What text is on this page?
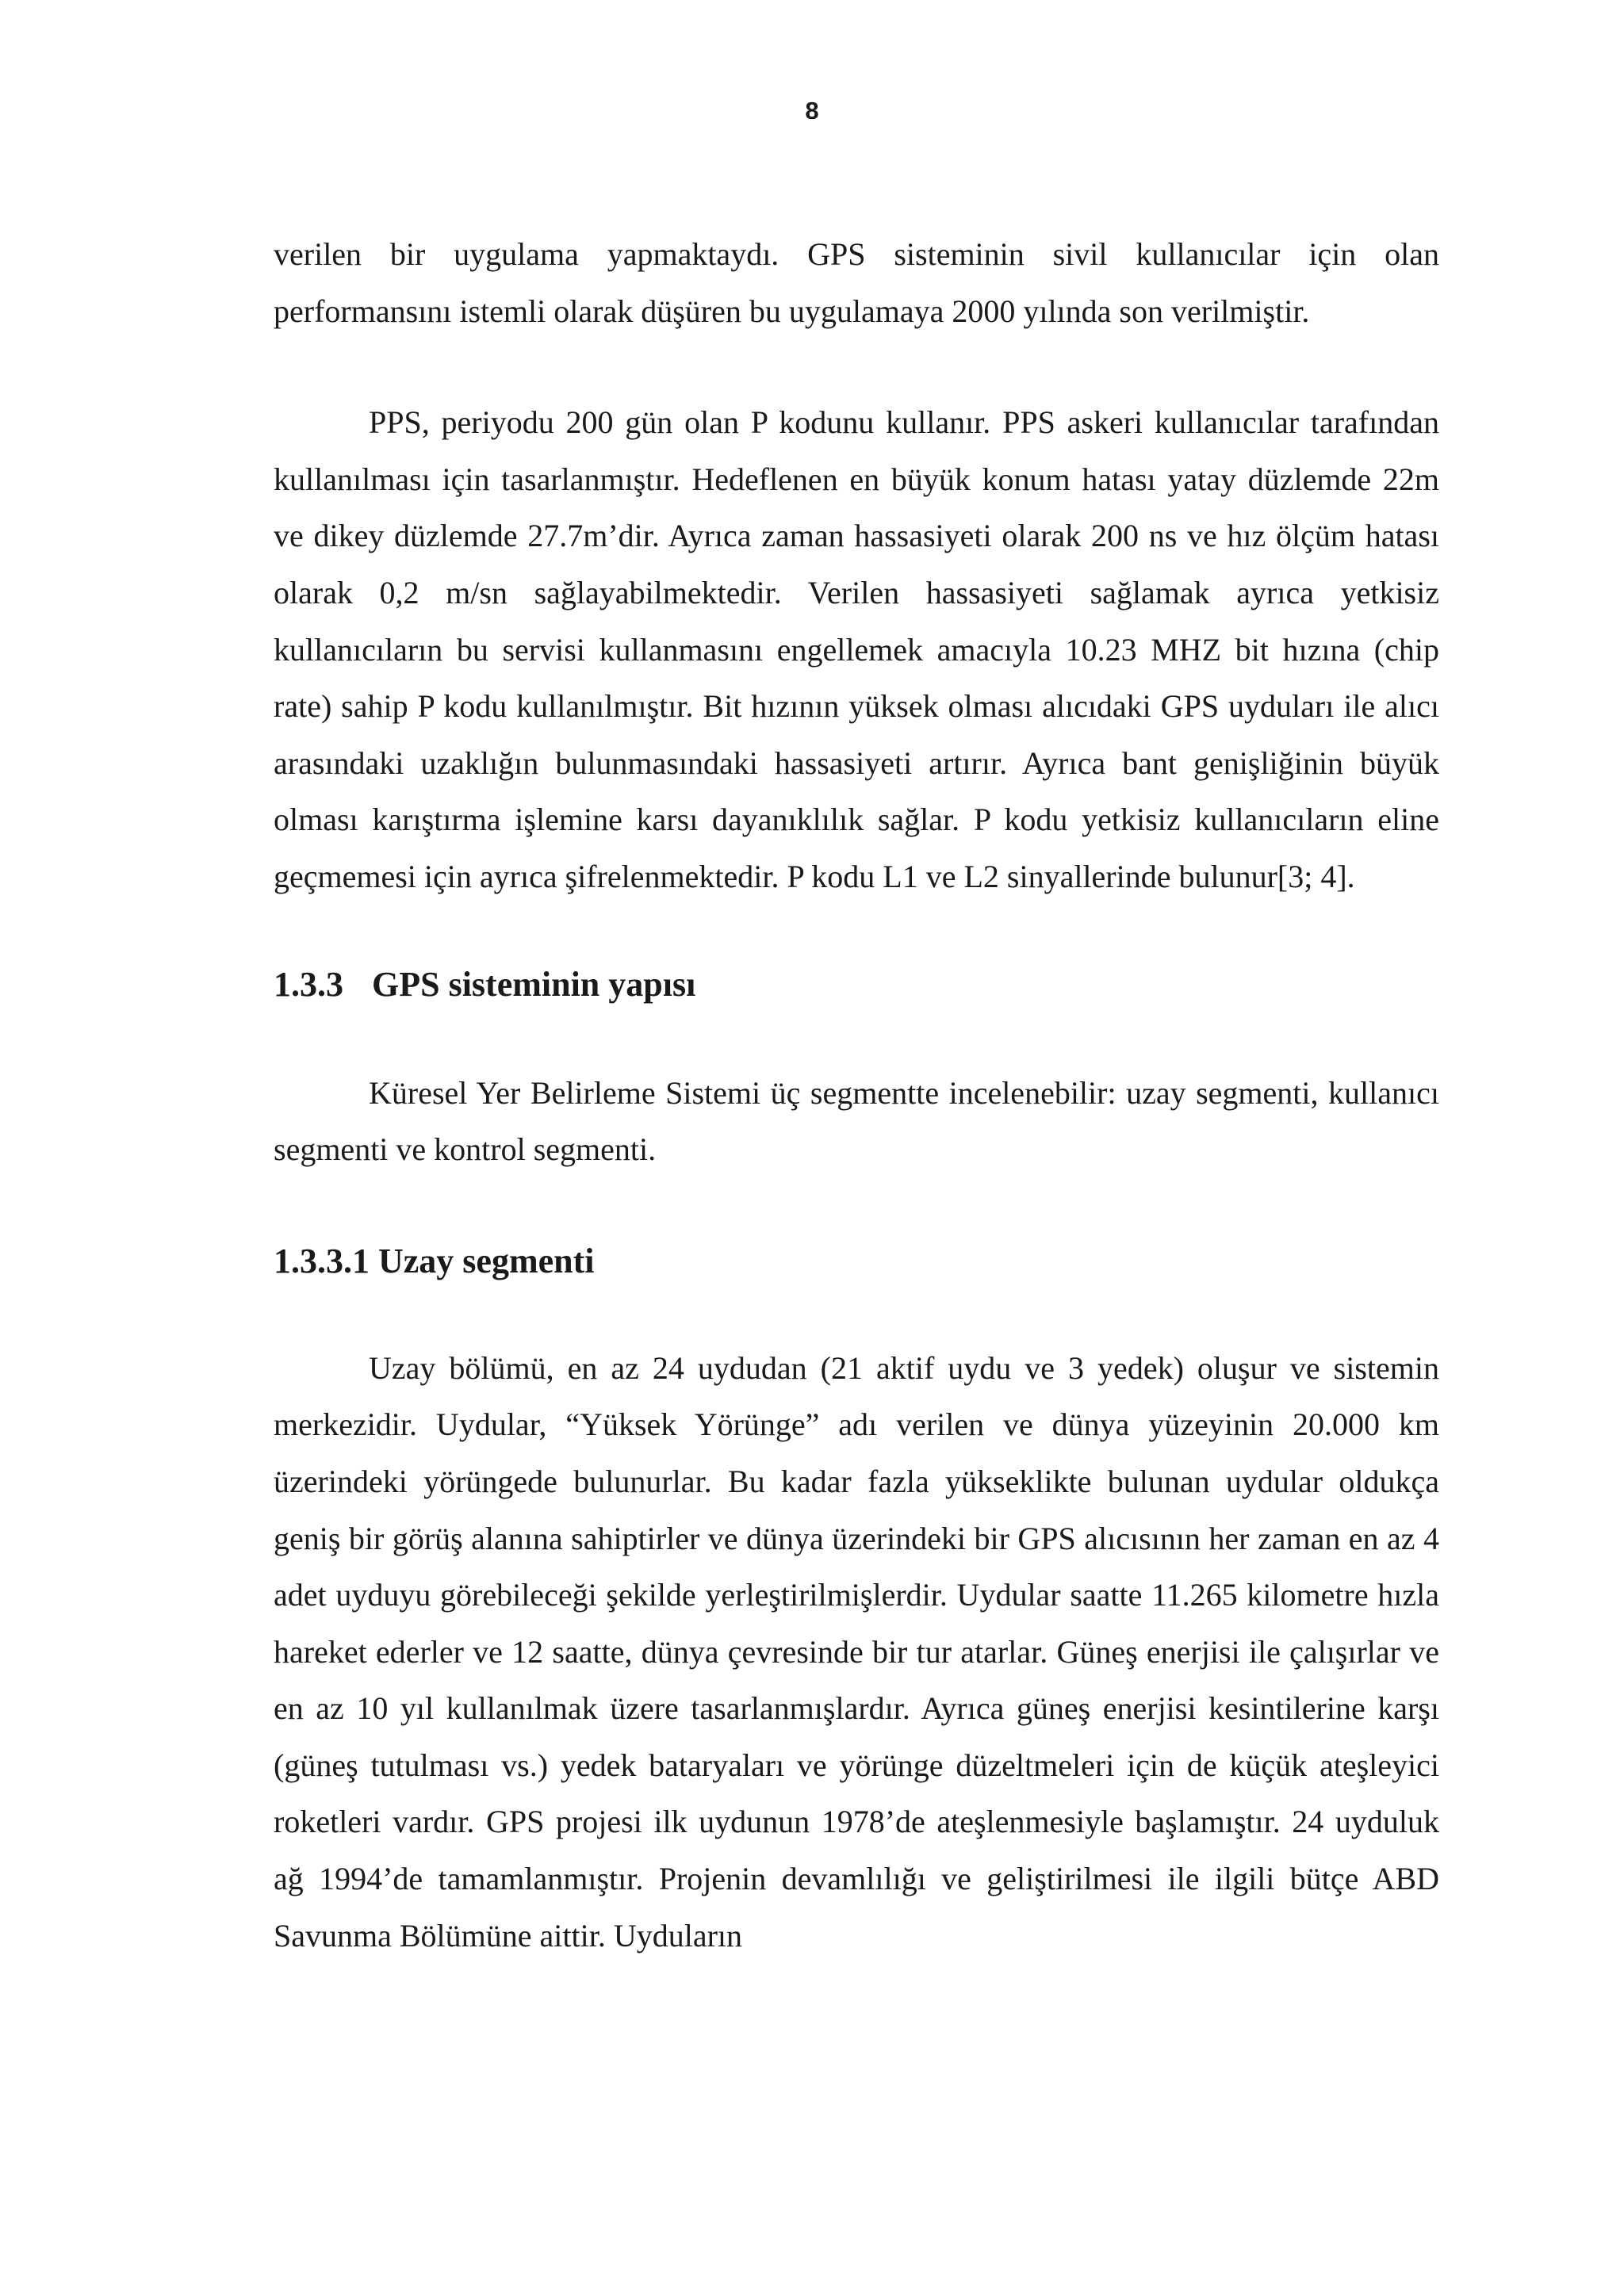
8

verilen bir uygulama yapmaktaydı. GPS sisteminin sivil kullanıcılar için olan performansını istemli olarak düşüren bu uygulamaya 2000 yılında son verilmiştir.

PPS, periyodu 200 gün olan P kodunu kullanır. PPS askeri kullanıcılar tarafından kullanılması için tasarlanmıştır. Hedeflenen en büyük konum hatası yatay düzlemde 22m ve dikey düzlemde 27.7m’dir. Ayrıca zaman hassasiyeti olarak 200 ns ve hız ölçüm hatası olarak 0,2 m/sn sağlayabilmektedir. Verilen hassasiyeti sağlamak ayrıca yetkisiz kullanıcıların bu servisi kullanmasını engellemek amacıyla 10.23 MHZ bit hızına (chip rate) sahip P kodu kullanılmıştır. Bit hızının yüksek olması alıcıdaki GPS uyduları ile alıcı arasındaki uzaklığın bulunmasındaki hassasiyeti artırır. Ayrıca bant genişliğinin büyük olması karıştırma işlemine karsı dayanıklılık sağlar. P kodu yetkisiz kullanıcıların eline geçmemesi için ayrıca şifrelenmektedir. P kodu L1 ve L2 sinyallerinde bulunur[3; 4].

1.3.3 GPS sisteminin yapısı

Küresel Yer Belirleme Sistemi üç segmentte incelenebilir: uzay segmenti, kullanıcı segmenti ve kontrol segmenti.

1.3.3.1 Uzay segmenti

Uzay bölümü, en az 24 uydudan (21 aktif uydu ve 3 yedek) oluşur ve sistemin merkezidir. Uydular, “Yüksek Yörünge” adı verilen ve dünya yüzeyinin 20.000 km üzerindeki yörüngede bulunurlar. Bu kadar fazla yükseklikte bulunan uydular oldukça geniş bir görüş alanına sahiptirler ve dünya üzerindeki bir GPS alıcısının her zaman en az 4 adet uyduyu görebileceği şekilde yerleştirilmişlerdir. Uydular saatte 11.265 kilometre hızla hareket ederler ve 12 saatte, dünya çevresinde bir tur atarlar. Güneş enerjisi ile çalışırlar ve en az 10 yıl kullanılmak üzere tasarlanmışlardır. Ayrıca güneş enerjisi kesintilerine karşı (güneş tutulması vs.) yedek bataryaları ve yörünge düzeltmeleri için de küçük ateşleyici roketleri vardır. GPS projesi ilk uydunun 1978’de ateşlenmesiyle başlamıştır. 24 uyduluk ağ 1994’de tamamlanmıştır. Projenin devamlılığı ve geliştirilmesi ile ilgili bütçe ABD Savunma Bölümüne aittir. Uyduların
